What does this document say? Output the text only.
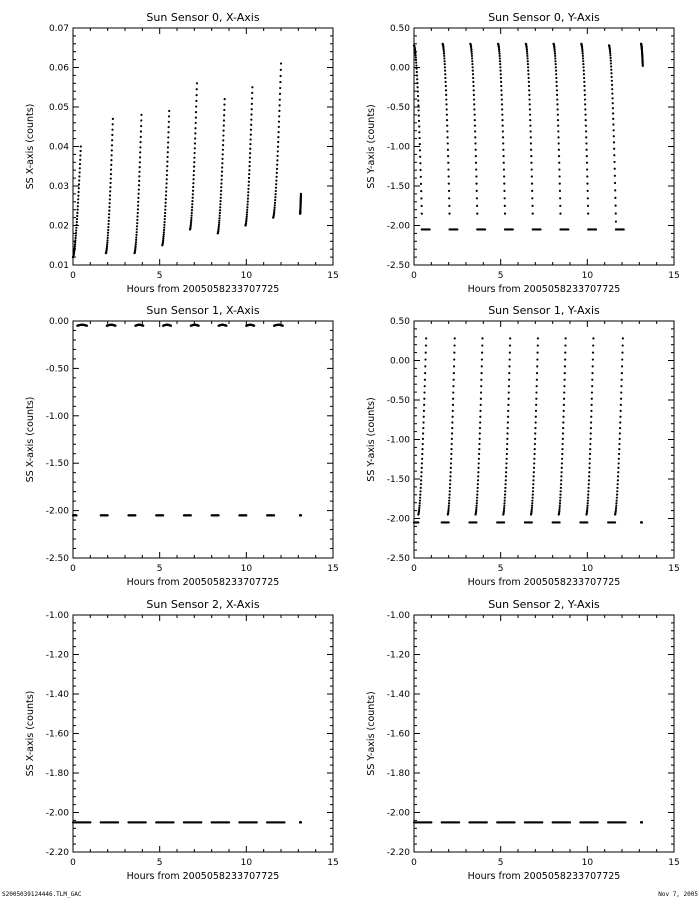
Sun Sensor 0, X-Axis
0	5	10	15
0.01
0.02
0.03
0.04
0.05
0.06
0.07
Hours from 2005058233707725
SS X-axis (counts)
Sun Sensor 0, Y-Axis
0	5	10	15
-2.50
-2.00
-1.50
-1.00
-0.50
0.00
0.50
Hours from 2005058233707725
SS Y-axis (counts)
Sun Sensor 1, X-Axis
0	5	10	15
-2.50
-2.00
-1.50
-1.00
-0.50
0.00
Hours from 2005058233707725
SS X-axis (counts)
Sun Sensor 1, Y-Axis
0	5	10	15
-2.50
-2.00
-1.50
-1.00
-0.50
0.00
0.50
Hours from 2005058233707725
SS Y-axis (counts)
Sun Sensor 2, X-Axis
0	5	10	15
-2.20
-2.00
-1.80
-1.60
-1.40
-1.20
-1.00
Hours from 2005058233707725
SS X-axis (counts)
Sun Sensor 2, Y-Axis
0	5	10	15
-2.20
-2.00
-1.80
-1.60
-1.40
-1.20
-1.00
Hours from 2005058233707725
SS Y-axis (counts)
S2005039124446.TLM_GAC	Nov 7, 2005
